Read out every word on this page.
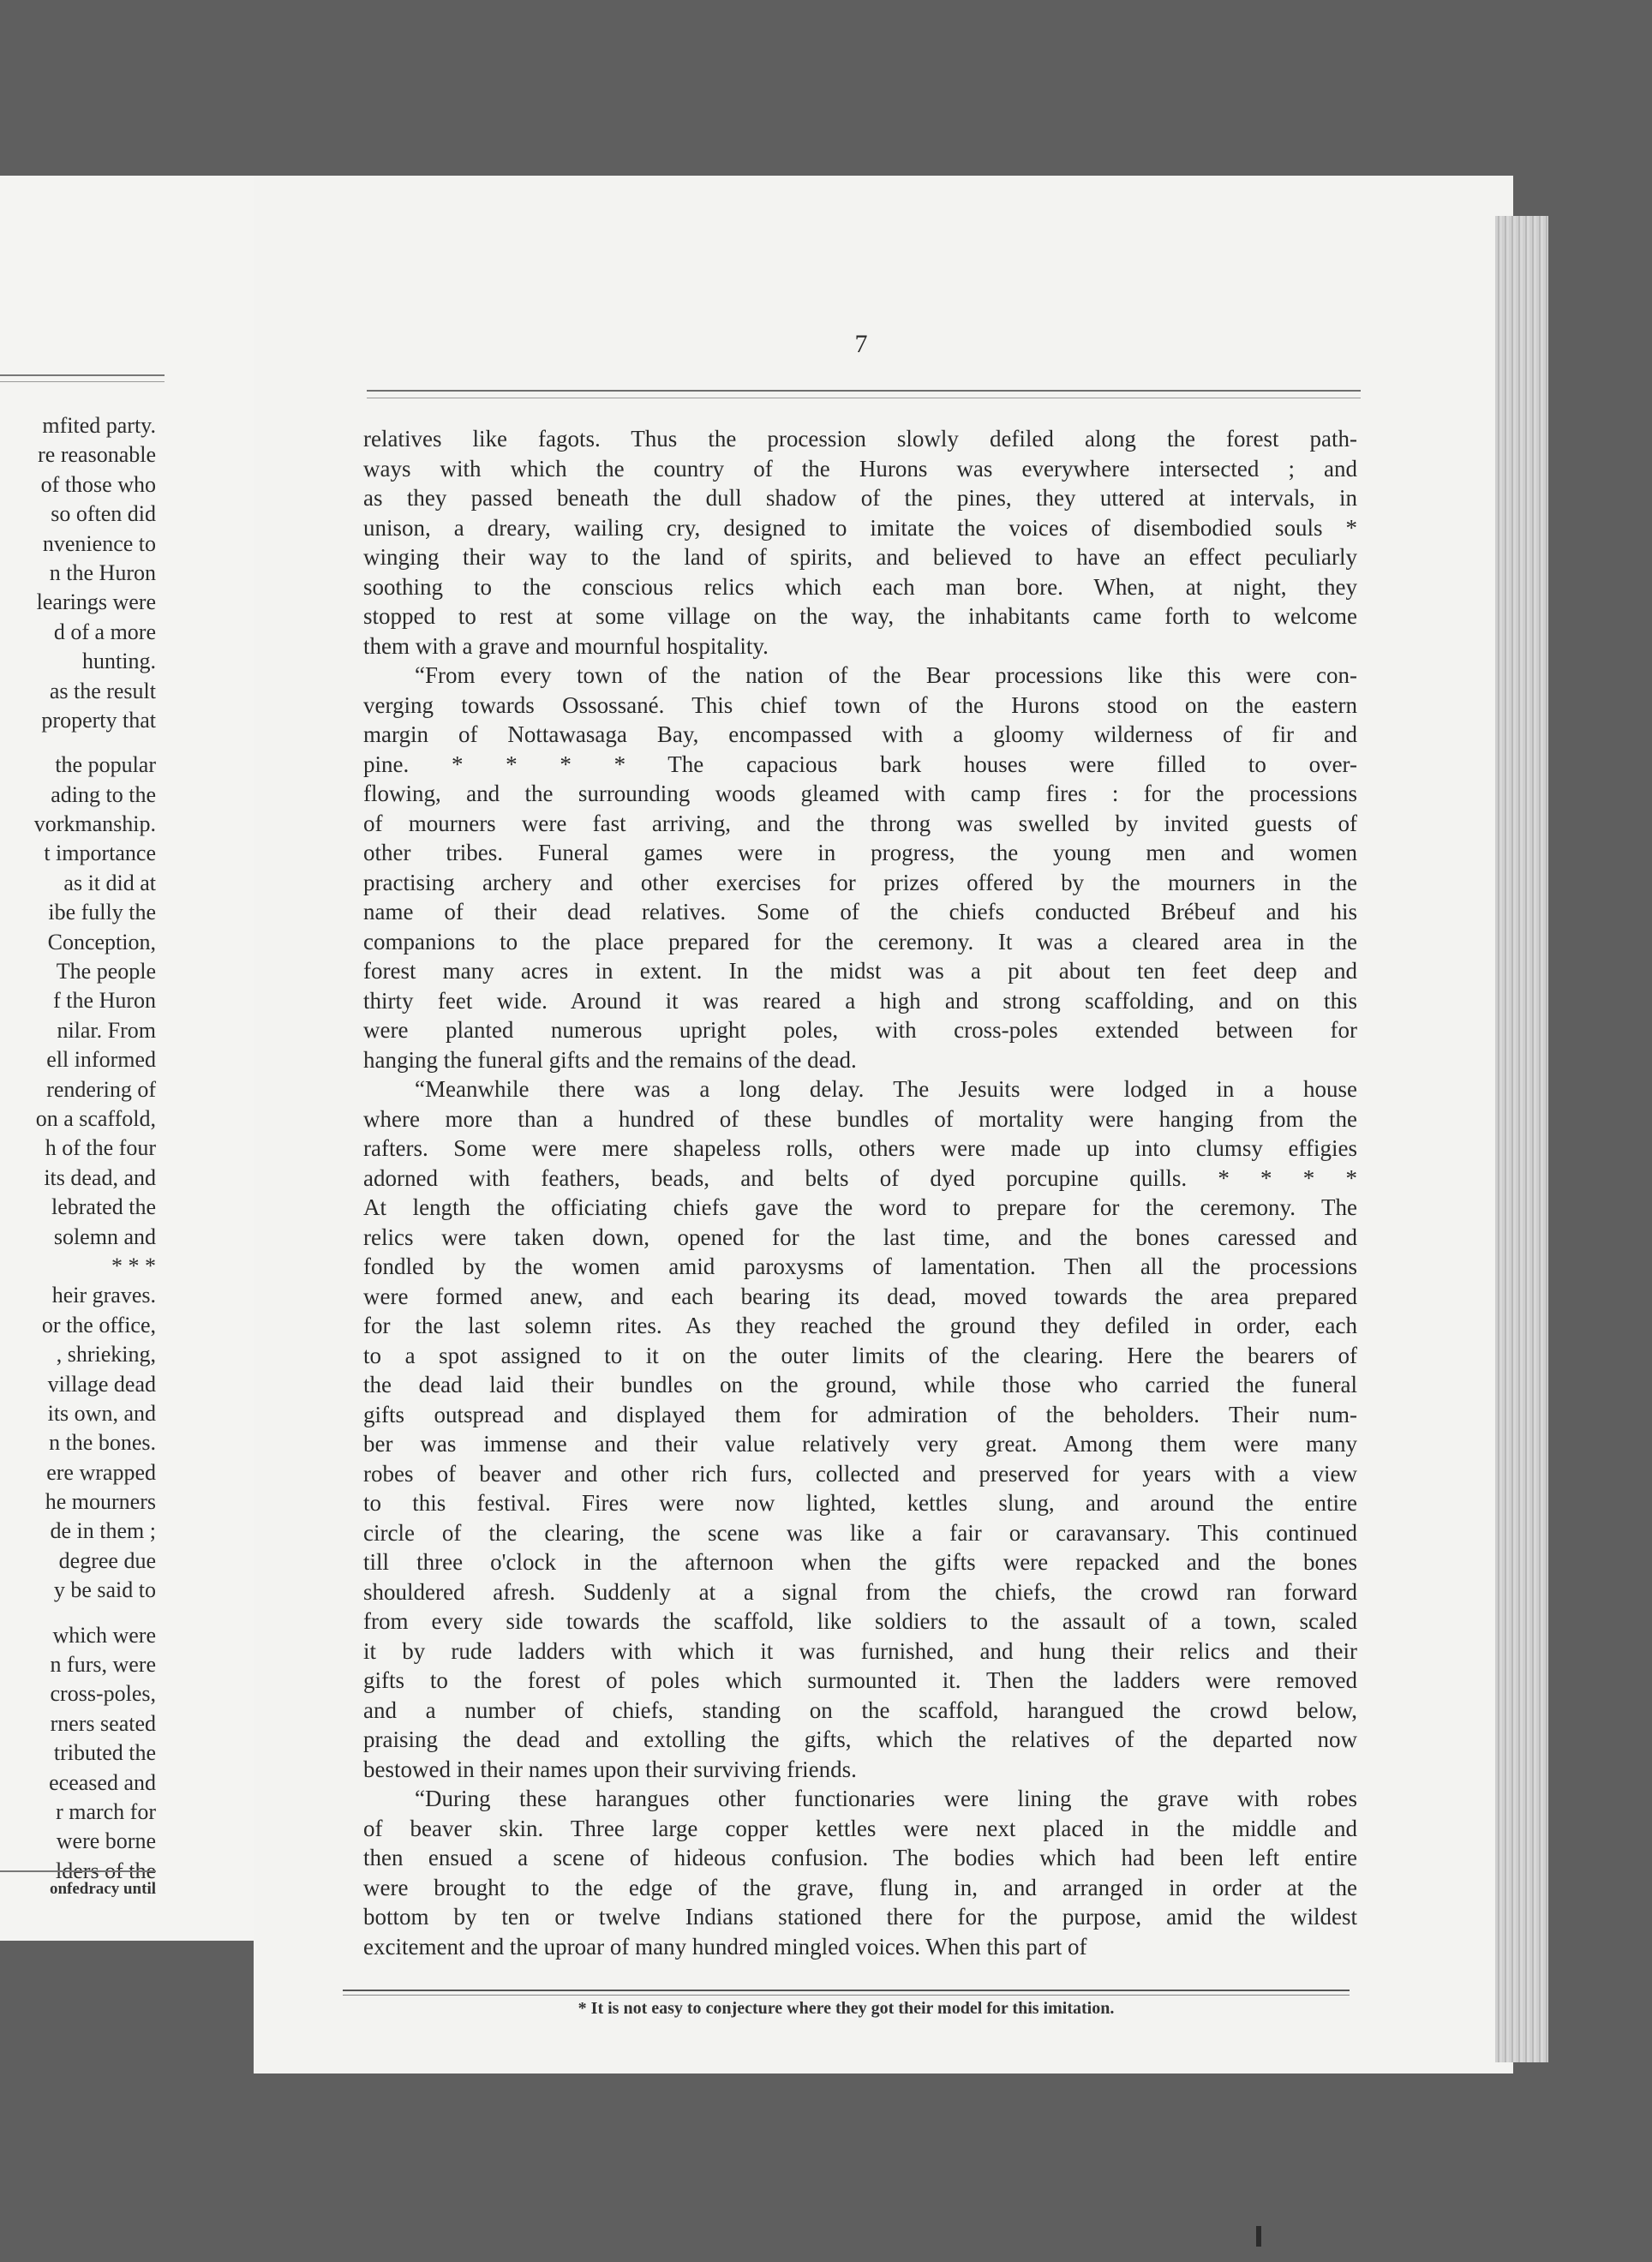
mfited party.
re reasonable
of those who
so often did
nvenience to
n the Huron
learings were
d of a more
hunting.
as the result
property that
the popular
ading to the
vorkmanship.
t importance
as it did at
ibe fully the
Conception,
The people
f the Huron
nilar. From
ell informed
rendering of
on a scaffold,
h of the four
its dead, and
lebrated the
solemn and
* * *
heir graves.
or the office,
, shrieking,
village dead
its own, and
n the bones.
ere wrapped
he mourners
de in them ;
degree due
y be said to
which were
n furs, were
cross-poles,
rners seated
tributed the
eceased and
r march for
were borne
lders of the
onfedracy until
7
relatives like fagots. Thus the procession slowly defiled along the forest path-
ways with which the country of the Hurons was everywhere intersected ; and
as they passed beneath the dull shadow of the pines, they uttered at intervals, in
unison, a dreary, wailing cry, designed to imitate the voices of disembodied souls *
winging their way to the land of spirits, and believed to have an effect peculiarly
soothing to the conscious relics which each man bore. When, at night, they
stopped to rest at some village on the way, the inhabitants came forth to welcome
them with a grave and mournful hospitality.
“From every town of the nation of the Bear processions like this were con-
verging towards Ossossané. This chief town of the Hurons stood on the eastern
margin of Nottawasaga Bay, encompassed with a gloomy wilderness of fir and
pine. * * * * The capacious bark houses were filled to over-
flowing, and the surrounding woods gleamed with camp fires : for the processions
of mourners were fast arriving, and the throng was swelled by invited guests of
other tribes. Funeral games were in progress, the young men and women
practising archery and other exercises for prizes offered by the mourners in the
name of their dead relatives. Some of the chiefs conducted Brébeuf and his
companions to the place prepared for the ceremony. It was a cleared area in the
forest many acres in extent. In the midst was a pit about ten feet deep and
thirty feet wide. Around it was reared a high and strong scaffolding, and on this
were planted numerous upright poles, with cross-poles extended between for
hanging the funeral gifts and the remains of the dead.
“Meanwhile there was a long delay. The Jesuits were lodged in a house
where more than a hundred of these bundles of mortality were hanging from the
rafters. Some were mere shapeless rolls, others were made up into clumsy effigies
adorned with feathers, beads, and belts of dyed porcupine quills. * * * *
At length the officiating chiefs gave the word to prepare for the ceremony. The
relics were taken down, opened for the last time, and the bones caressed and
fondled by the women amid paroxysms of lamentation. Then all the processions
were formed anew, and each bearing its dead, moved towards the area prepared
for the last solemn rites. As they reached the ground they defiled in order, each
to a spot assigned to it on the outer limits of the clearing. Here the bearers of
the dead laid their bundles on the ground, while those who carried the funeral
gifts outspread and displayed them for admiration of the beholders. Their num-
ber was immense and their value relatively very great. Among them were many
robes of beaver and other rich furs, collected and preserved for years with a view
to this festival. Fires were now lighted, kettles slung, and around the entire
circle of the clearing, the scene was like a fair or caravansary. This continued
till three o'clock in the afternoon when the gifts were repacked and the bones
shouldered afresh. Suddenly at a signal from the chiefs, the crowd ran forward
from every side towards the scaffold, like soldiers to the assault of a town, scaled
it by rude ladders with which it was furnished, and hung their relics and their
gifts to the forest of poles which surmounted it. Then the ladders were removed
and a number of chiefs, standing on the scaffold, harangued the crowd below,
praising the dead and extolling the gifts, which the relatives of the departed now
bestowed in their names upon their surviving friends.
“During these harangues other functionaries were lining the grave with robes
of beaver skin. Three large copper kettles were next placed in the middle and
then ensued a scene of hideous confusion. The bodies which had been left entire
were brought to the edge of the grave, flung in, and arranged in order at the
bottom by ten or twelve Indians stationed there for the purpose, amid the wildest
excitement and the uproar of many hundred mingled voices. When this part of
* It is not easy to conjecture where they got their model for this imitation.
